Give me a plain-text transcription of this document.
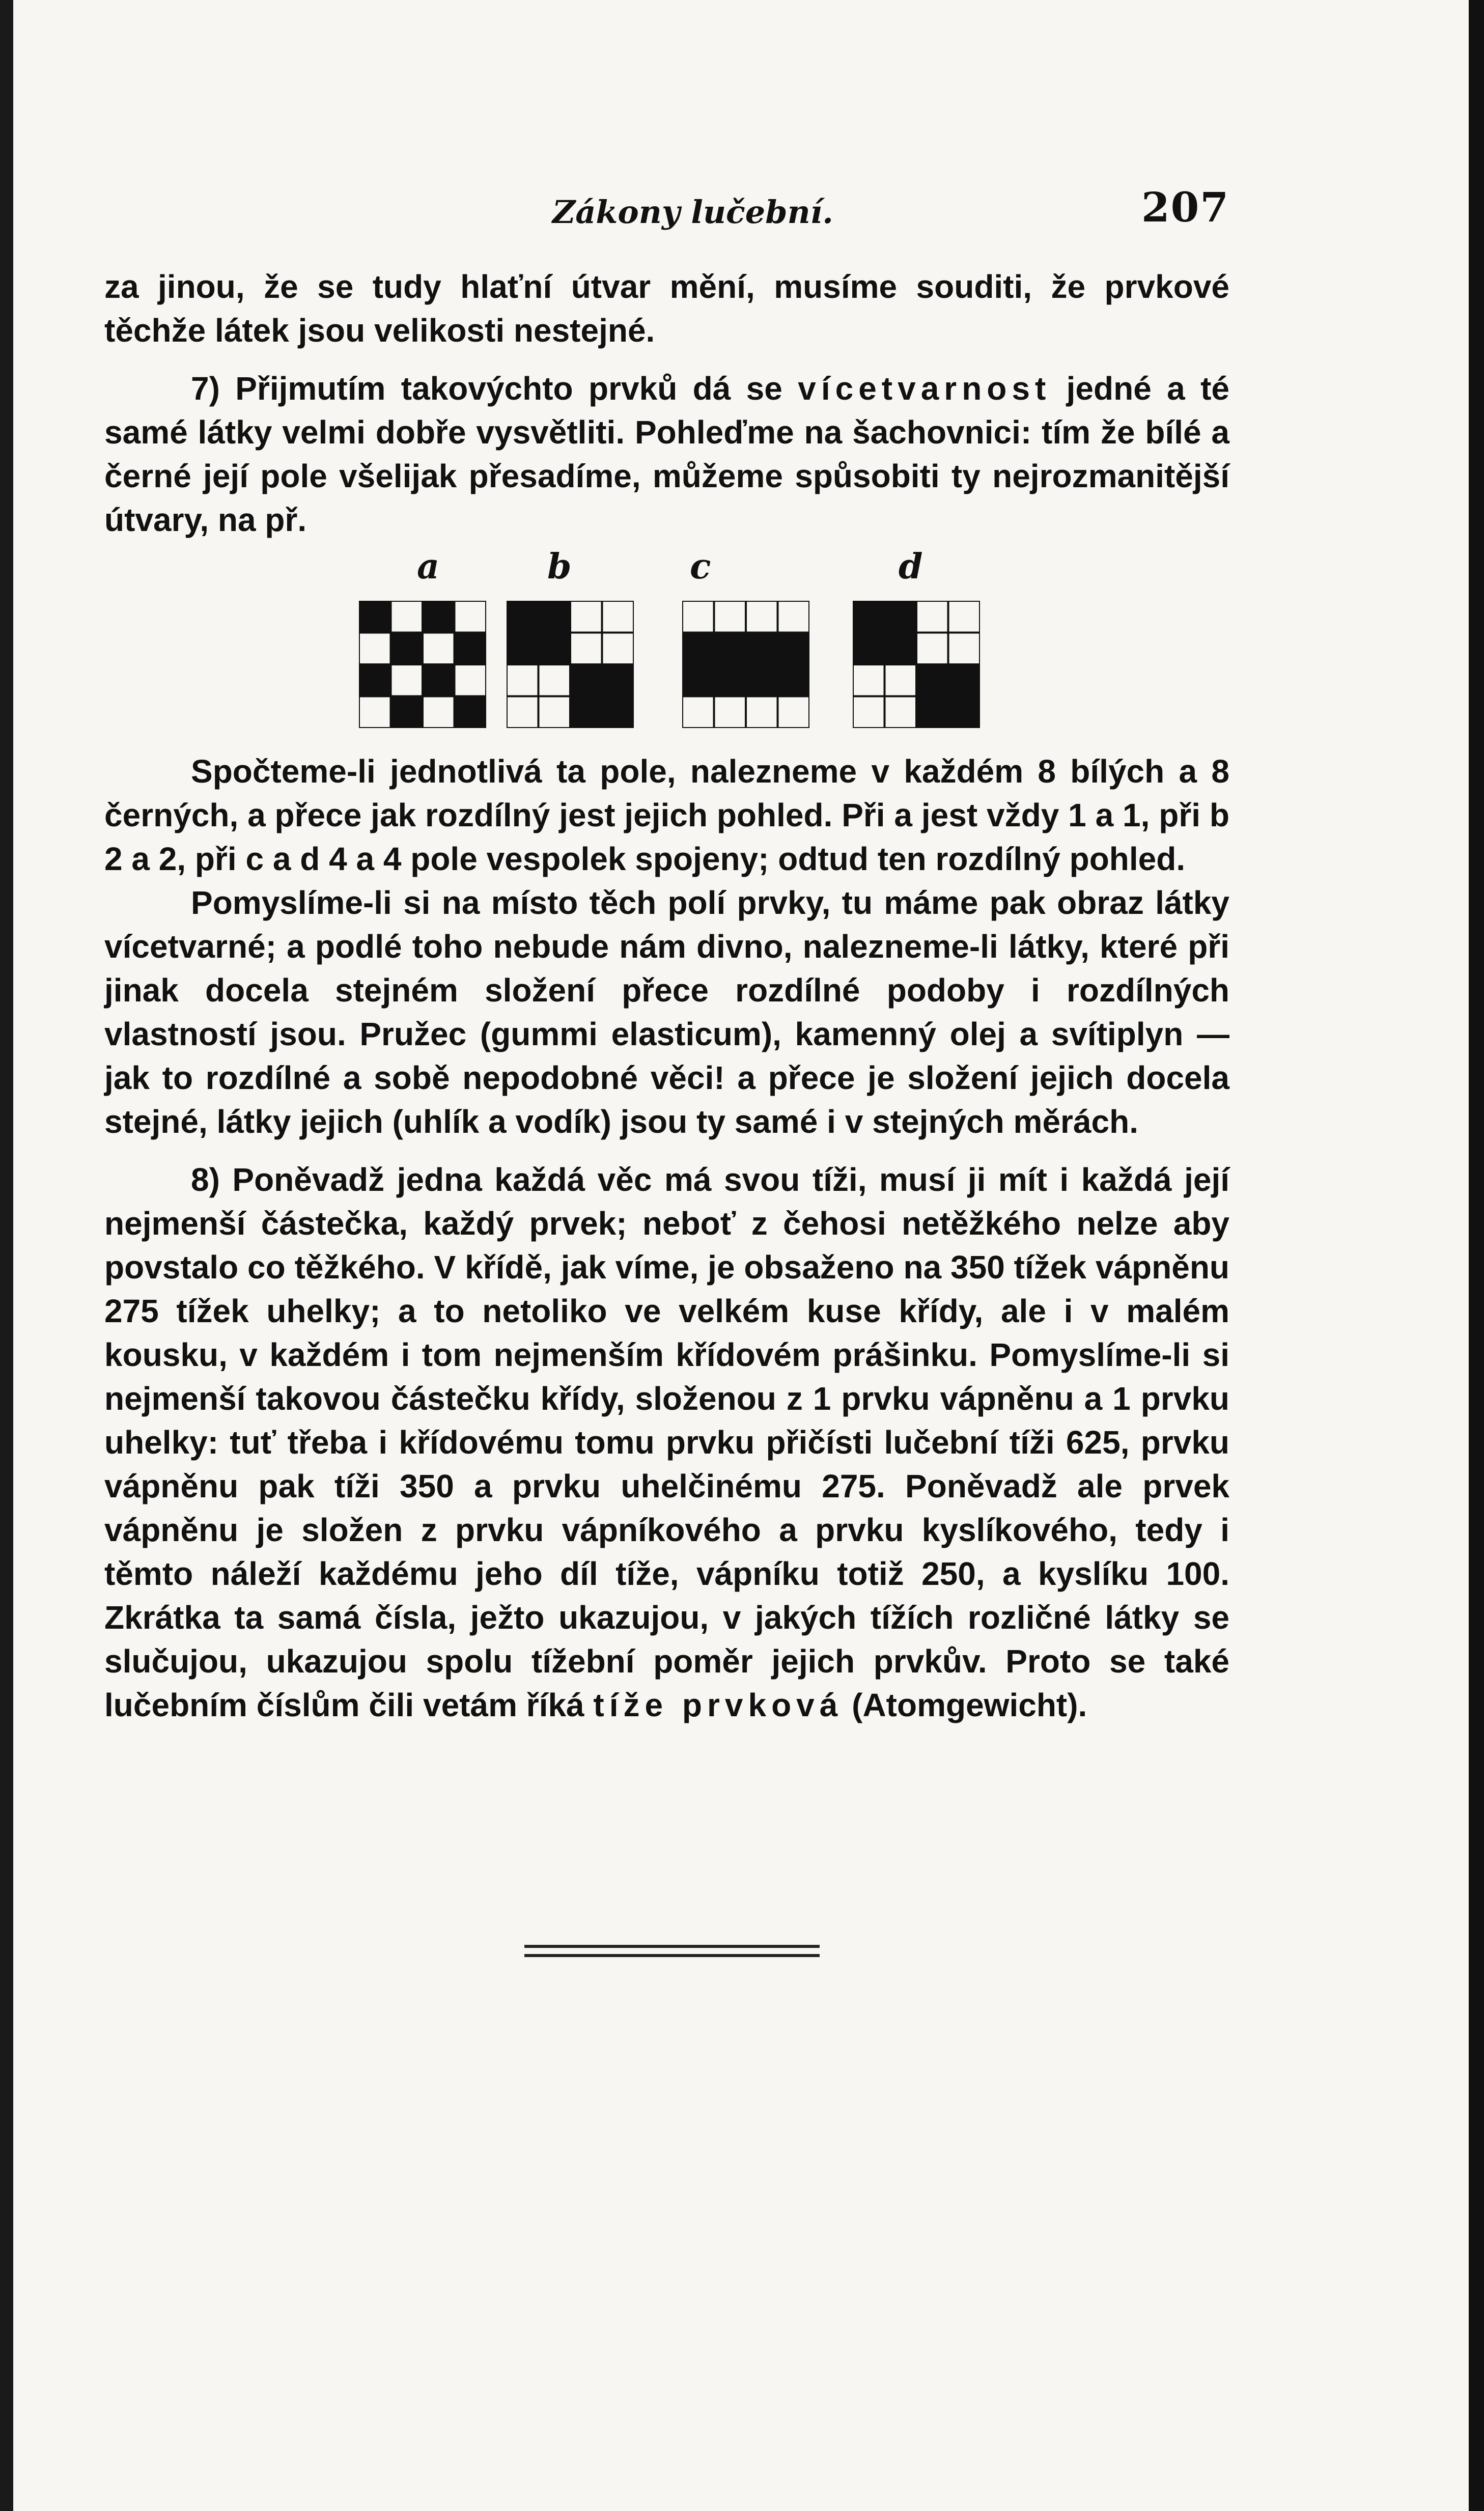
Zákony lučební.	207

za jinou, že se tudy hlaťní útvar mění, musíme souditi, že prvkové těchže látek jsou velikosti nestejné.

7) Přijmutím takovýchto prvků dá se vícetvarnost jedné a té samé látky velmi dobře vysvětliti. Pohleďme na šachovnici: tím že bílé a černé její pole všelijak přesadíme, můžeme spůsobiti ty nejrozmanitější útvary, na př.

a	b	c	d

Spočteme-li jednotlivá ta pole, nalezneme v každém 8 bílých a 8 černých, a přece jak rozdílný jest jejich pohled. Při a jest vždy 1 a 1, při b 2 a 2, při c a d 4 a 4 pole vespolek spojeny; odtud ten rozdílný pohled.

Pomyslíme-li si na místo těch polí prvky, tu máme pak obraz látky vícetvarné; a podlé toho nebude nám divno, nalezneme-li látky, které při jinak docela stejném složení přece rozdílné podoby i rozdílných vlastností jsou. Pružec (gummi elasticum), kamenný olej a svítiplyn — jak to rozdílné a sobě nepodobné věci! a přece je složení jejich docela stejné, látky jejich (uhlík a vodík) jsou ty samé i v stejných měrách.

8) Poněvadž jedna každá věc má svou tíži, musí ji mít i každá její nejmenší částečka, každý prvek; neboť z čehosi netěžkého nelze aby povstalo co těžkého. V křídě, jak víme, je obsaženo na 350 tížek vápněnu 275 tížek uhelky; a to netoliko ve velkém kuse křídy, ale i v malém kousku, v každém i tom nejmenším křídovém prášinku. Pomyslíme-li si nejmenší takovou částečku křídy, složenou z 1 prvku vápněnu a 1 prvku uhelky: tuť třeba i křídovému tomu prvku přičísti lučební tíži 625, prvku vápněnu pak tíži 350 a prvku uhelčinému 275. Poněvadž ale prvek vápněnu je složen z prvku vápníkového a prvku kyslíkového, tedy i těmto náleží každému jeho díl tíže, vápníku totiž 250, a kyslíku 100. Zkrátka ta samá čísla, ježto ukazujou, v jakých tížích rozličné látky se slučujou, ukazujou spolu tížební poměr jejich prvkův. Proto se také lučebním číslům čili vetám říká tíže prvková (Atomgewicht).
